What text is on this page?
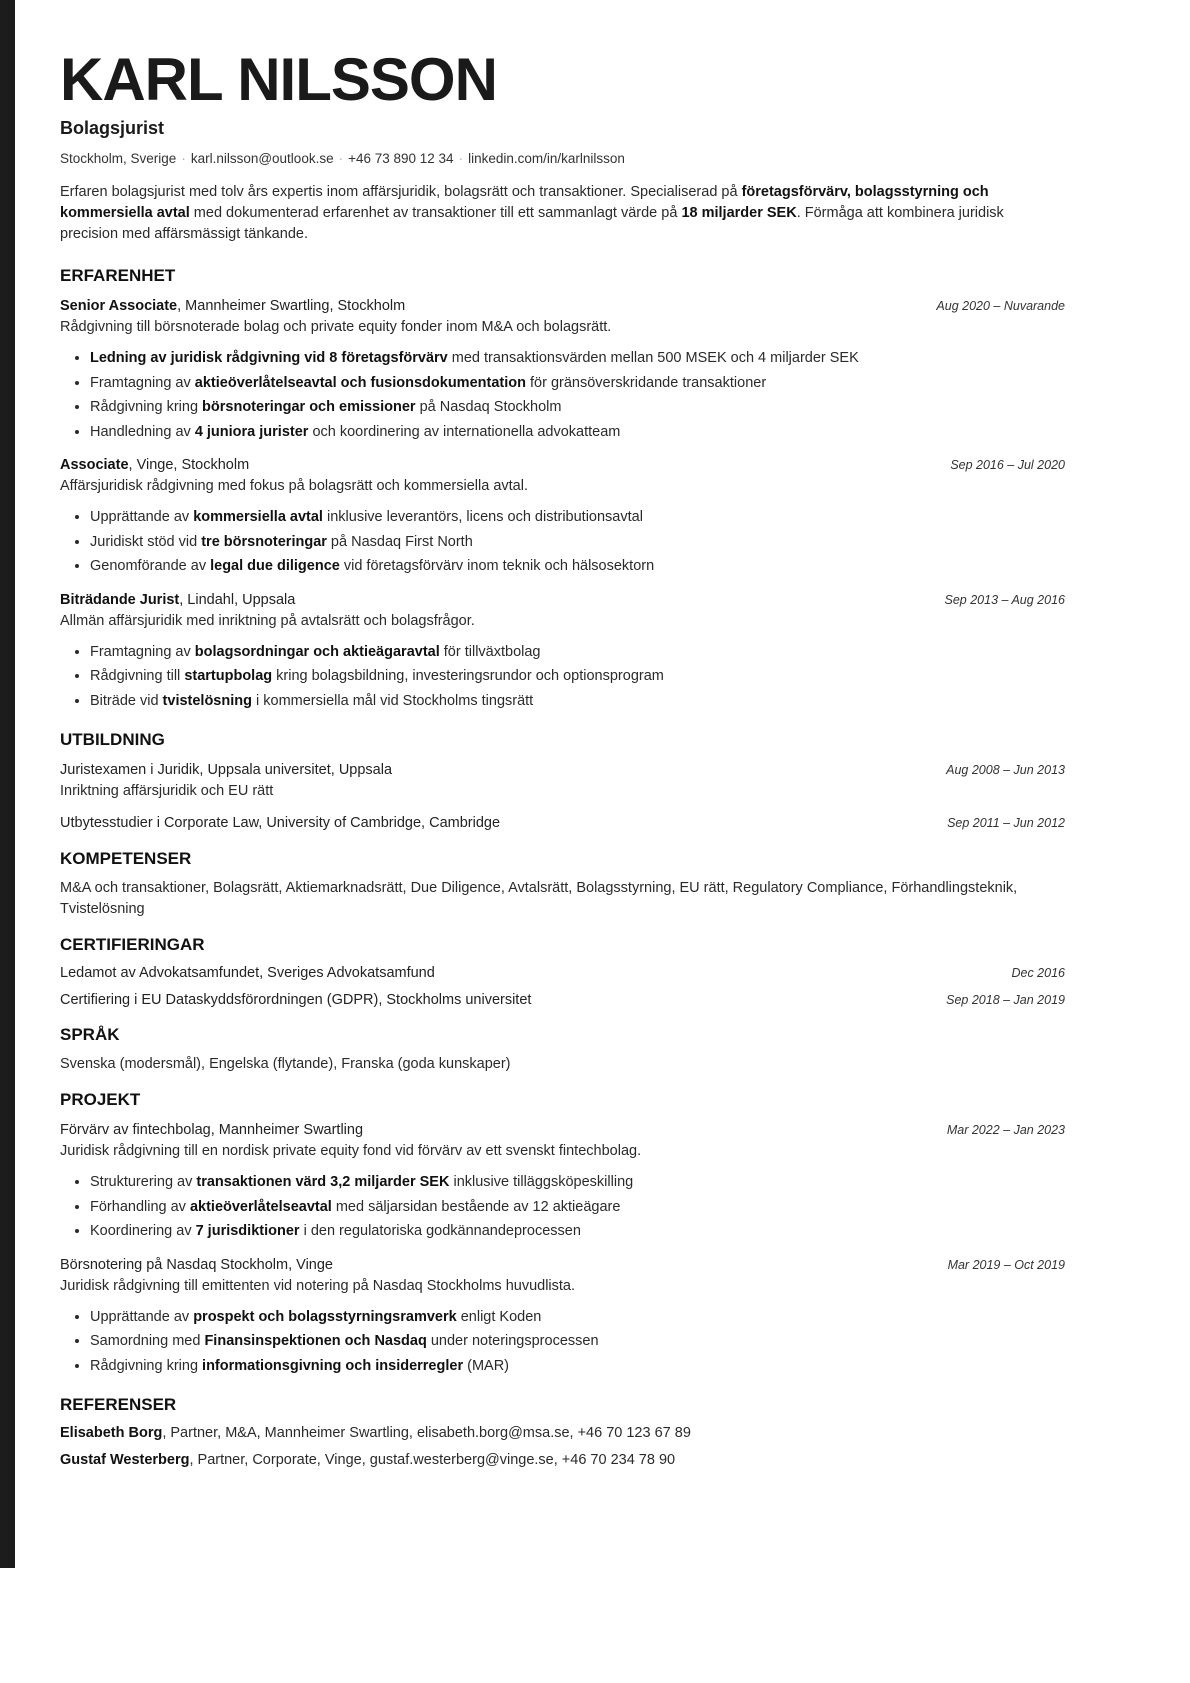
KARL NILSSON
Bolagsjurist
Stockholm, Sverige · karl.nilsson@outlook.se · +46 73 890 12 34 · linkedin.com/in/karlnilsson
Erfaren bolagsjurist med tolv års expertis inom affärsjuridik, bolagsrätt och transaktioner. Specialiserad på företagsförvärv, bolagsstyrning och kommersiella avtal med dokumenterad erfarenhet av transaktioner till ett sammanlagt värde på 18 miljarder SEK. Förmåga att kombinera juridisk precision med affärsmässigt tänkande.
ERFARENHET
Senior Associate, Mannheimer Swartling, Stockholm	Aug 2020 – Nuvarande
Rådgivning till börsnoterade bolag och private equity fonder inom M&A och bolagsrätt.
• Ledning av juridisk rådgivning vid 8 företagsförvärv med transaktionsvärden mellan 500 MSEK och 4 miljarder SEK
• Framtagning av aktieöverlåtelseavtal och fusionsdokumentation för gränsöverskridande transaktioner
• Rådgivning kring börsnoteringar och emissioner på Nasdaq Stockholm
• Handledning av 4 juniora jurister och koordinering av internationella advokatteam
Associate, Vinge, Stockholm	Sep 2016 – Jul 2020
Affärsjuridisk rådgivning med fokus på bolagsrätt och kommersiella avtal.
• Upprättande av kommersiella avtal inklusive leverantörs, licens och distributionsavtal
• Juridiskt stöd vid tre börsnoteringar på Nasdaq First North
• Genomförande av legal due diligence vid företagsförvärv inom teknik och hälsosektorn
Biträdande Jurist, Lindahl, Uppsala	Sep 2013 – Aug 2016
Allmän affärsjuridik med inriktning på avtalsrätt och bolagsfrågor.
• Framtagning av bolagsordningar och aktieägaravtal för tillväxtbolag
• Rådgivning till startupbolag kring bolagsbildning, investeringsrundor och optionsprogram
• Biträde vid tvistelösning i kommersiella mål vid Stockholms tingsrätt
UTBILDNING
Juristexamen i Juridik, Uppsala universitet, Uppsala	Aug 2008 – Jun 2013
Inriktning affärsjuridik och EU rätt
Utbytesstudier i Corporate Law, University of Cambridge, Cambridge	Sep 2011 – Jun 2012
KOMPETENSER
M&A och transaktioner, Bolagsrätt, Aktiemarknadsrätt, Due Diligence, Avtalsrätt, Bolagsstyrning, EU rätt, Regulatory Compliance, Förhandlingsteknik, Tvistelösning
CERTIFIERINGAR
Ledamot av Advokatsamfundet, Sveriges Advokatsamfund	Dec 2016
Certifiering i EU Dataskyddsförordningen (GDPR), Stockholms universitet	Sep 2018 – Jan 2019
SPRÅK
Svenska (modersmål), Engelska (flytande), Franska (goda kunskaper)
PROJEKT
Förvärv av fintechbolag, Mannheimer Swartling	Mar 2022 – Jan 2023
Juridisk rådgivning till en nordisk private equity fond vid förvärv av ett svenskt fintechbolag.
• Strukturering av transaktionen värd 3,2 miljarder SEK inklusive tilläggsköpeskilling
• Förhandling av aktieöverlåtelseavtal med säljarsidan bestående av 12 aktieägare
• Koordinering av 7 jurisdiktioner i den regulatoriska godkännandeprocessen
Börsnotering på Nasdaq Stockholm, Vinge	Mar 2019 – Oct 2019
Juridisk rådgivning till emittenten vid notering på Nasdaq Stockholms huvudlista.
• Upprättande av prospekt och bolagsstyrningsramverk enligt Koden
• Samordning med Finansinspektionen och Nasdaq under noteringsprocessen
• Rådgivning kring informationsgivning och insiderregler (MAR)
REFERENSER
Elisabeth Borg, Partner, M&A, Mannheimer Swartling, elisabeth.borg@msa.se, +46 70 123 67 89
Gustaf Westerberg, Partner, Corporate, Vinge, gustaf.westerberg@vinge.se, +46 70 234 78 90
